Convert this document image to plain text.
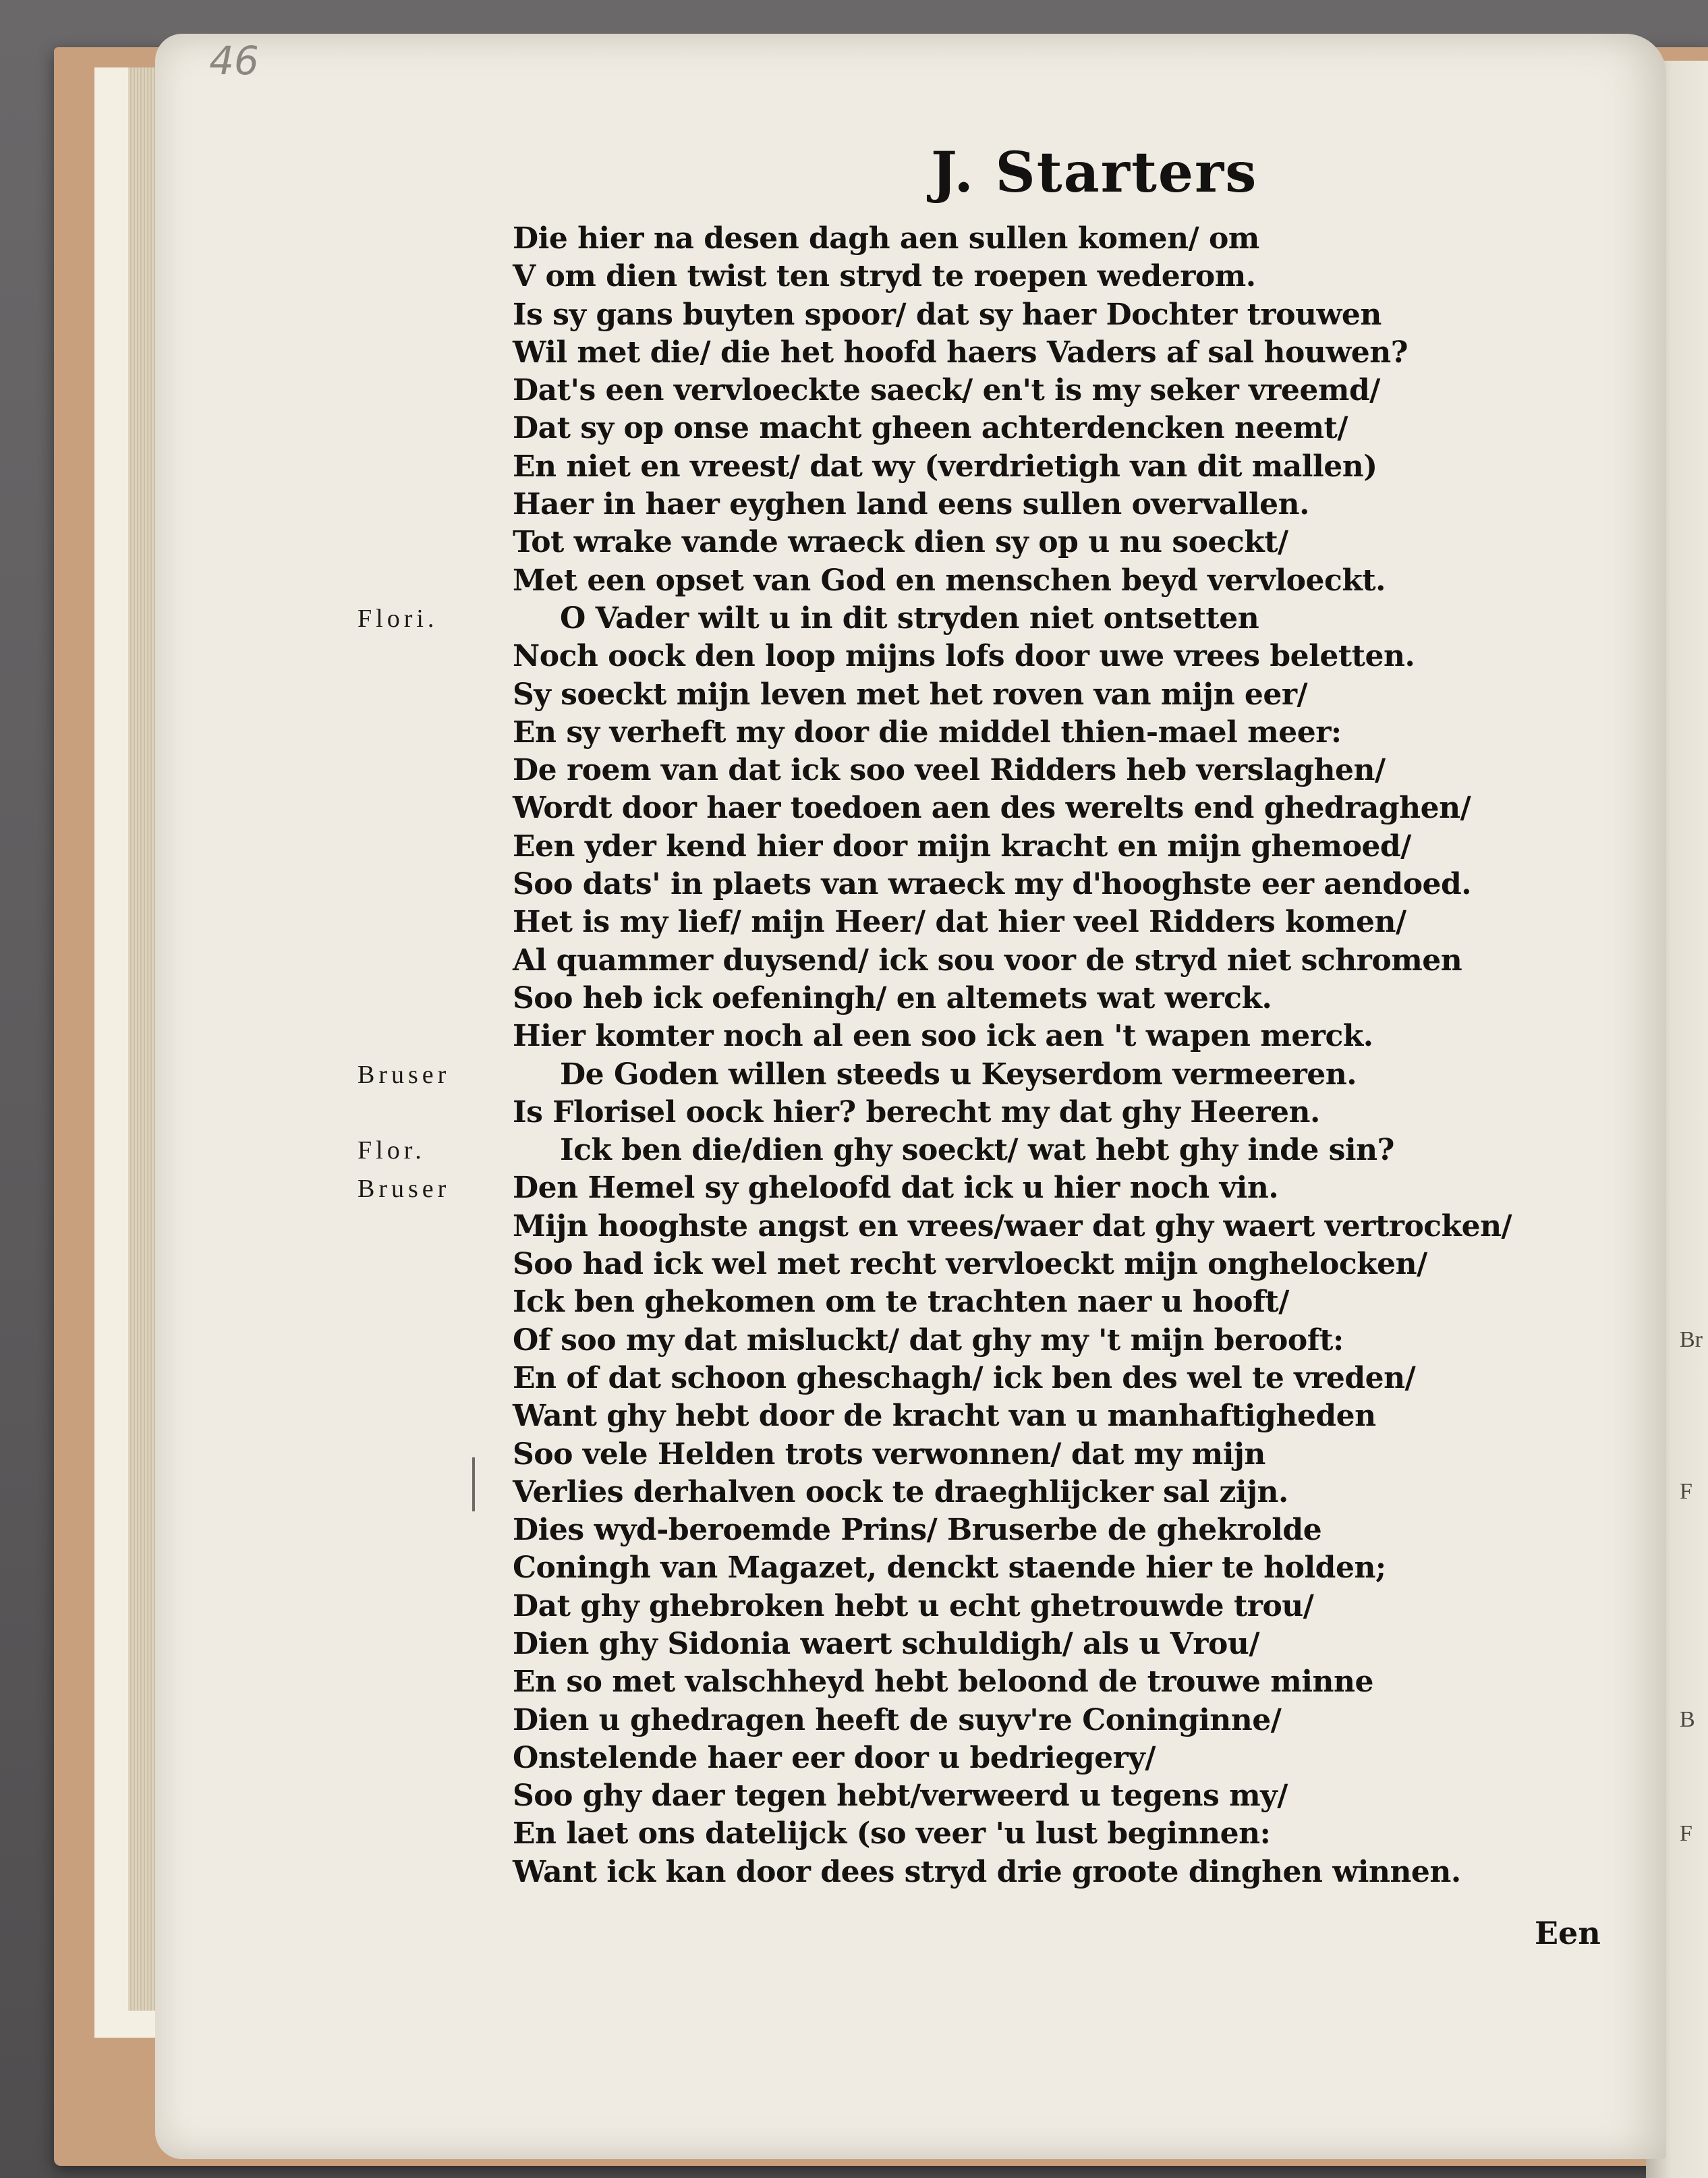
46
J. Starters
Die hier na desen dagh aen sullen komen/ om
V om dien twist ten stryd te roepen wederom.
Is sy gans buyten spoor/ dat sy haer Dochter trouwen
Wil met die/ die het hoofd haers Vaders af sal houwen?
Dat's een vervloeckte saeck/ en't is my seker vreemd/
Dat sy op onse macht gheen achterdencken neemt/
En niet en vreest/ dat wy (verdrietigh van dit mallen)
Haer in haer eyghen land eens sullen overvallen.
Tot wrake vande wraeck dien sy op u nu soeckt/
Met een opset van God en menschen beyd vervloeckt.
O Vader wilt u in dit stryden niet ontsetten
Noch oock den loop mijns lofs door uwe vrees beletten.
Sy soeckt mijn leven met het roven van mijn eer/
En sy verheft my door die middel thien-mael meer:
De roem van dat ick soo veel Ridders heb verslaghen/
Wordt door haer toedoen aen des werelts end ghedraghen/
Een yder kend hier door mijn kracht en mijn ghemoed/
Soo dats' in plaets van wraeck my d'hooghste eer aendoed.
Het is my lief/ mijn Heer/ dat hier veel Ridders komen/
Al quammer duysend/ ick sou voor de stryd niet schromen
Soo heb ick oefeningh/ en altemets wat werck.
Hier komter noch al een soo ick aen 't wapen merck.
De Goden willen steeds u Keyserdom vermeeren.
Is Florisel oock hier? berecht my dat ghy Heeren.
Ick ben die/dien ghy soeckt/ wat hebt ghy inde sin?
Den Hemel sy gheloofd dat ick u hier noch vin.
Mijn hooghste angst en vrees/waer dat ghy waert vertrocken/
Soo had ick wel met recht vervloeckt mijn onghelocken/
Ick ben ghekomen om te trachten naer u hooft/
Of soo my dat misluckt/ dat ghy my 't mijn berooft:
En of dat schoon gheschagh/ ick ben des wel te vreden/
Want ghy hebt door de kracht van u manhaftigheden
Soo vele Helden trots verwonnen/ dat my mijn
Verlies derhalven oock te draeghlijcker sal zijn.
Dies wyd-beroemde Prins/ Bruserbe de ghekrolde
Coningh van Magazet, denckt staende hier te holden;
Dat ghy ghebroken hebt u echt ghetrouwde trou/
Dien ghy Sidonia waert schuldigh/ als u Vrou/
En so met valschheyd hebt beloond de trouwe minne
Dien u ghedragen heeft de suyv're Coninginne/
Onstelende haer eer door u bedriegery/
Soo ghy daer tegen hebt/verweerd u tegens my/
En laet ons datelijck (so veer 'u lust beginnen:
Want ick kan door dees stryd drie groote dinghen winnen.
Flori.
Bruser
Flor.
Bruser
Br
F
B
F
Een
